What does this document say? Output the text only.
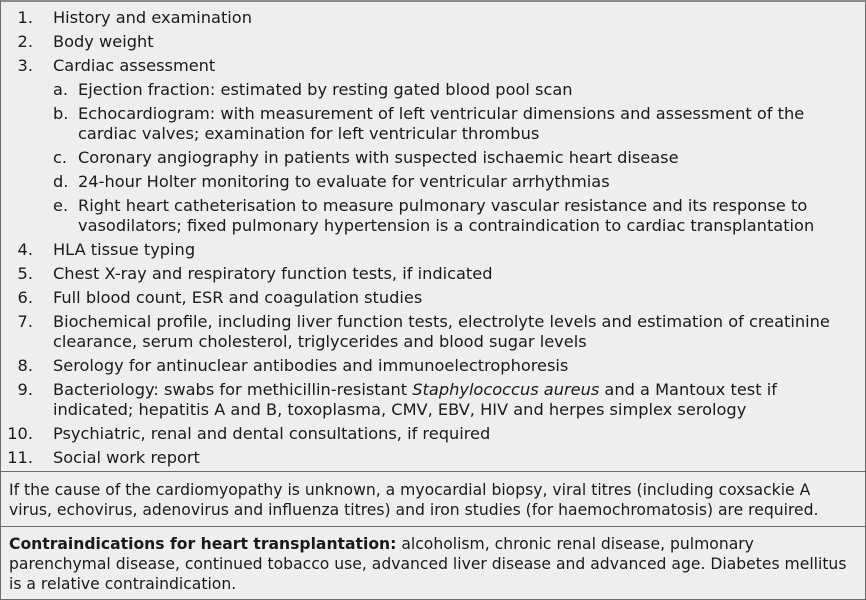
1. History and examination
2. Body weight
3. Cardiac assessment
a. Ejection fraction: estimated by resting gated blood pool scan
b. Echocardiogram: with measurement of left ventricular dimensions and assessment of the cardiac valves; examination for left ventricular thrombus
c. Coronary angiography in patients with suspected ischaemic heart disease
d. 24-hour Holter monitoring to evaluate for ventricular arrhythmias
e. Right heart catheterisation to measure pulmonary vascular resistance and its response to vasodilators; fixed pulmonary hypertension is a contraindication to cardiac transplantation
4. HLA tissue typing
5. Chest X-ray and respiratory function tests, if indicated
6. Full blood count, ESR and coagulation studies
7. Biochemical profile, including liver function tests, electrolyte levels and estimation of creatinine clearance, serum cholesterol, triglycerides and blood sugar levels
8. Serology for antinuclear antibodies and immunoelectrophoresis
9. Bacteriology: swabs for methicillin-resistant Staphylococcus aureus and a Mantoux test if indicated; hepatitis A and B, toxoplasma, CMV, EBV, HIV and herpes simplex serology
10. Psychiatric, renal and dental consultations, if required
11. Social work report

If the cause of the cardiomyopathy is unknown, a myocardial biopsy, viral titres (including coxsackie A virus, echovirus, adenovirus and influenza titres) and iron studies (for haemochromatosis) are required.

Contraindications for heart transplantation: alcoholism, chronic renal disease, pulmonary parenchymal disease, continued tobacco use, advanced liver disease and advanced age. Diabetes mellitus is a relative contraindication.
